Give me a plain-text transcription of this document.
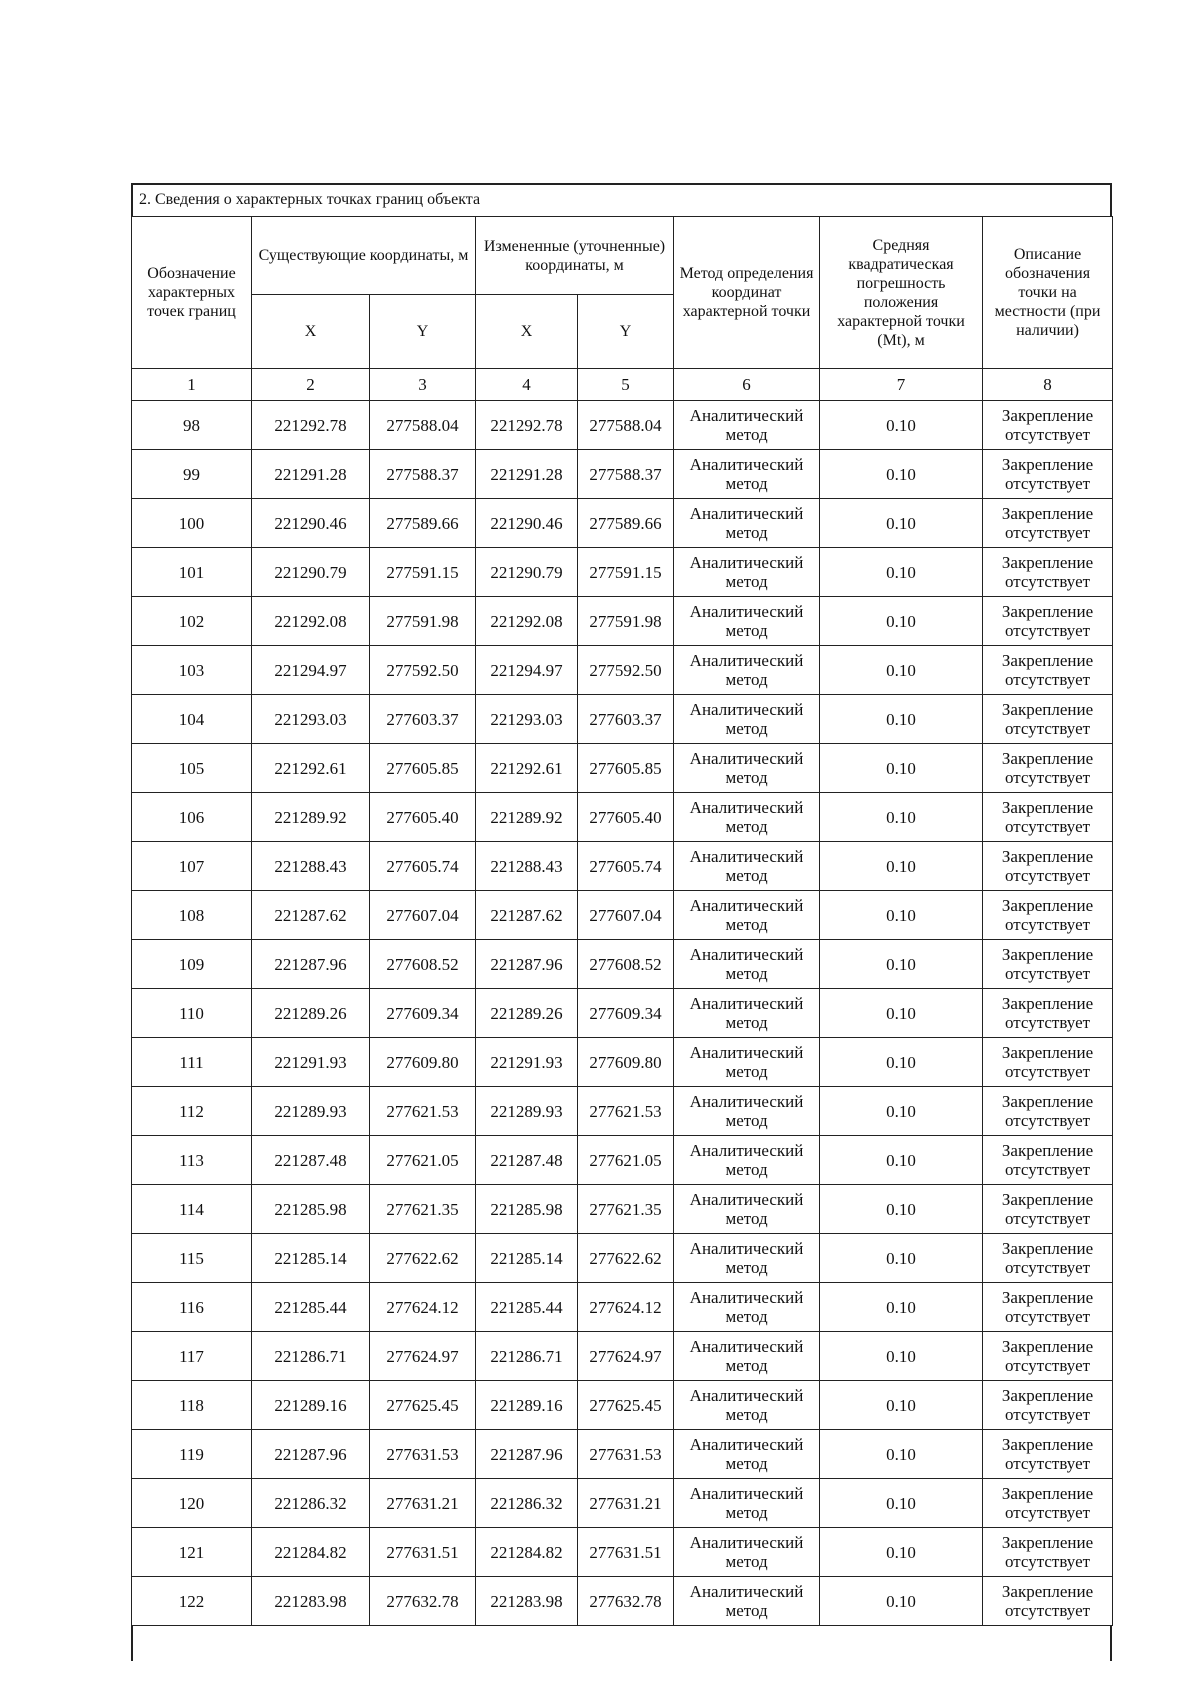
2. Сведения о характерных точках границ объекта
Обозначение характерных точек границ	Существующие координаты, м		Измененные (уточненные) координаты, м		Метод определения координат характерной точки	Средняя квадратическая погрешность положения характерной точки (Mt), м	Описание обозначения точки на местности (при наличии)
	X	Y	X	Y			
1	2	3	4	5	6	7	8
98	221292.78	277588.04	221292.78	277588.04	Аналитический метод	0.10	Закрепление отсутствует
99	221291.28	277588.37	221291.28	277588.37	Аналитический метод	0.10	Закрепление отсутствует
100	221290.46	277589.66	221290.46	277589.66	Аналитический метод	0.10	Закрепление отсутствует
101	221290.79	277591.15	221290.79	277591.15	Аналитический метод	0.10	Закрепление отсутствует
102	221292.08	277591.98	221292.08	277591.98	Аналитический метод	0.10	Закрепление отсутствует
103	221294.97	277592.50	221294.97	277592.50	Аналитический метод	0.10	Закрепление отсутствует
104	221293.03	277603.37	221293.03	277603.37	Аналитический метод	0.10	Закрепление отсутствует
105	221292.61	277605.85	221292.61	277605.85	Аналитический метод	0.10	Закрепление отсутствует
106	221289.92	277605.40	221289.92	277605.40	Аналитический метод	0.10	Закрепление отсутствует
107	221288.43	277605.74	221288.43	277605.74	Аналитический метод	0.10	Закрепление отсутствует
108	221287.62	277607.04	221287.62	277607.04	Аналитический метод	0.10	Закрепление отсутствует
109	221287.96	277608.52	221287.96	277608.52	Аналитический метод	0.10	Закрепление отсутствует
110	221289.26	277609.34	221289.26	277609.34	Аналитический метод	0.10	Закрепление отсутствует
111	221291.93	277609.80	221291.93	277609.80	Аналитический метод	0.10	Закрепление отсутствует
112	221289.93	277621.53	221289.93	277621.53	Аналитический метод	0.10	Закрепление отсутствует
113	221287.48	277621.05	221287.48	277621.05	Аналитический метод	0.10	Закрепление отсутствует
114	221285.98	277621.35	221285.98	277621.35	Аналитический метод	0.10	Закрепление отсутствует
115	221285.14	277622.62	221285.14	277622.62	Аналитический метод	0.10	Закрепление отсутствует
116	221285.44	277624.12	221285.44	277624.12	Аналитический метод	0.10	Закрепление отсутствует
117	221286.71	277624.97	221286.71	277624.97	Аналитический метод	0.10	Закрепление отсутствует
118	221289.16	277625.45	221289.16	277625.45	Аналитический метод	0.10	Закрепление отсутствует
119	221287.96	277631.53	221287.96	277631.53	Аналитический метод	0.10	Закрепление отсутствует
120	221286.32	277631.21	221286.32	277631.21	Аналитический метод	0.10	Закрепление отсутствует
121	221284.82	277631.51	221284.82	277631.51	Аналитический метод	0.10	Закрепление отсутствует
122	221283.98	277632.78	221283.98	277632.78	Аналитический метод	0.10	Закрепление отсутствует
